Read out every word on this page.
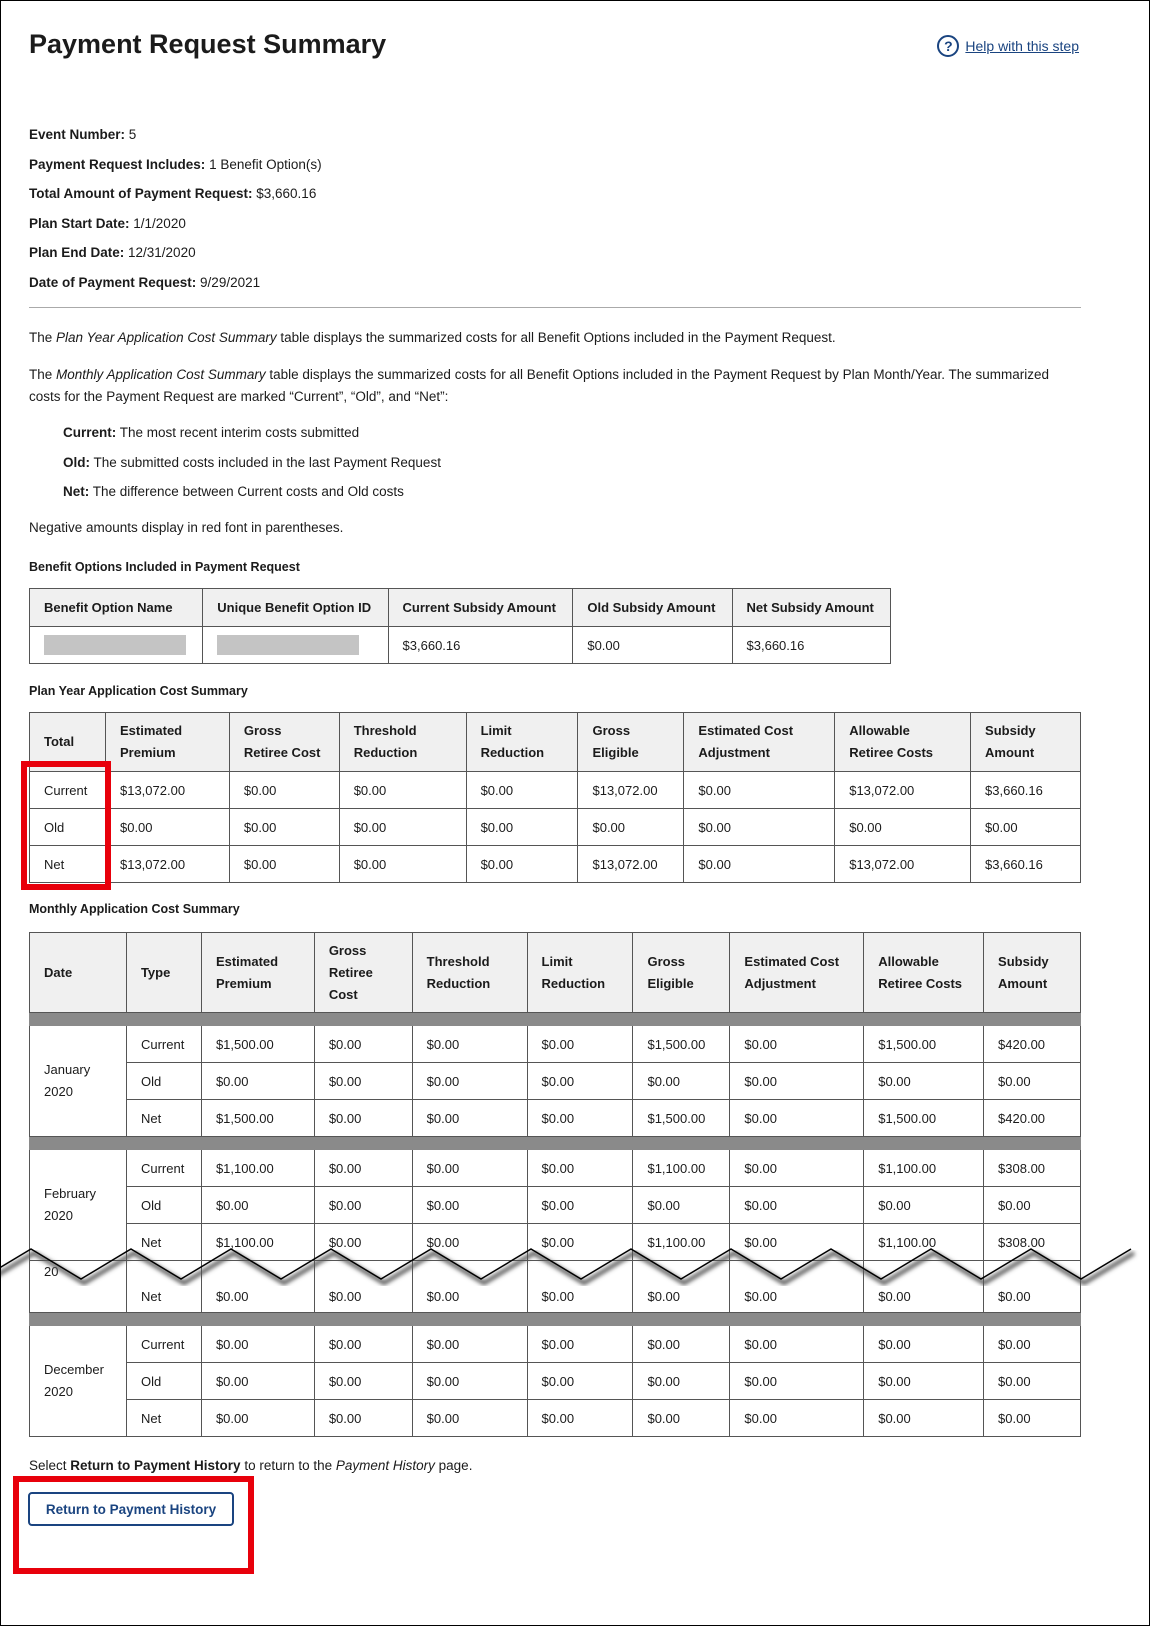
Payment Request Summary	? Help with this step
Event Number: 5
Payment Request Includes: 1 Benefit Option(s)
Total Amount of Payment Request: $3,660.16
Plan Start Date: 1/1/2020
Plan End Date: 12/31/2020
Date of Payment Request: 9/29/2021
The Plan Year Application Cost Summary table displays the summarized costs for all Benefit Options included in the Payment Request.
The Monthly Application Cost Summary table displays the summarized costs for all Benefit Options included in the Payment Request by Plan Month/Year. The summarized costs for the Payment Request are marked “Current”, “Old”, and “Net”:
Current: The most recent interim costs submitted
Old: The submitted costs included in the last Payment Request
Net: The difference between Current costs and Old costs
Negative amounts display in red font in parentheses.
Benefit Options Included in Payment Request
Benefit Option Name	Unique Benefit Option ID	Current Subsidy Amount	Old Subsidy Amount	Net Subsidy Amount
		$3,660.16	$0.00	$3,660.16
Plan Year Application Cost Summary
Total	Estimated Premium	Gross Retiree Cost	Threshold Reduction	Limit Reduction	Gross Eligible	Estimated Cost Adjustment	Allowable Retiree Costs	Subsidy Amount
Current	$13,072.00	$0.00	$0.00	$0.00	$13,072.00	$0.00	$13,072.00	$3,660.16
Old	$0.00	$0.00	$0.00	$0.00	$0.00	$0.00	$0.00	$0.00
Net	$13,072.00	$0.00	$0.00	$0.00	$13,072.00	$0.00	$13,072.00	$3,660.16
Monthly Application Cost Summary
Date	Type	Estimated Premium	Gross Retiree Cost	Threshold Reduction	Limit Reduction	Gross Eligible	Estimated Cost Adjustment	Allowable Retiree Costs	Subsidy Amount

January 2020	Current	$1,500.00	$0.00	$0.00	$0.00	$1,500.00	$0.00	$1,500.00	$420.00
	Old	$0.00	$0.00	$0.00	$0.00	$0.00	$0.00	$0.00	$0.00
	Net	$1,500.00	$0.00	$0.00	$0.00	$1,500.00	$0.00	$1,500.00	$420.00

February 2020	Current	$1,100.00	$0.00	$0.00	$0.00	$1,100.00	$0.00	$1,100.00	$308.00
	Old	$0.00	$0.00	$0.00	$0.00	$0.00	$0.00	$0.00	$0.00
	Net	$1,100.00	$0.00	$0.00	$0.00	$1,100.00	$0.00	$1,100.00	$308.00
20	Net	$0.00	$0.00	$0.00	$0.00	$0.00	$0.00	$0.00	$0.00

December 2020	Current	$0.00	$0.00	$0.00	$0.00	$0.00	$0.00	$0.00	$0.00
	Old	$0.00	$0.00	$0.00	$0.00	$0.00	$0.00	$0.00	$0.00
	Net	$0.00	$0.00	$0.00	$0.00	$0.00	$0.00	$0.00	$0.00
Select Return to Payment History to return to the Payment History page.
Return to Payment History
